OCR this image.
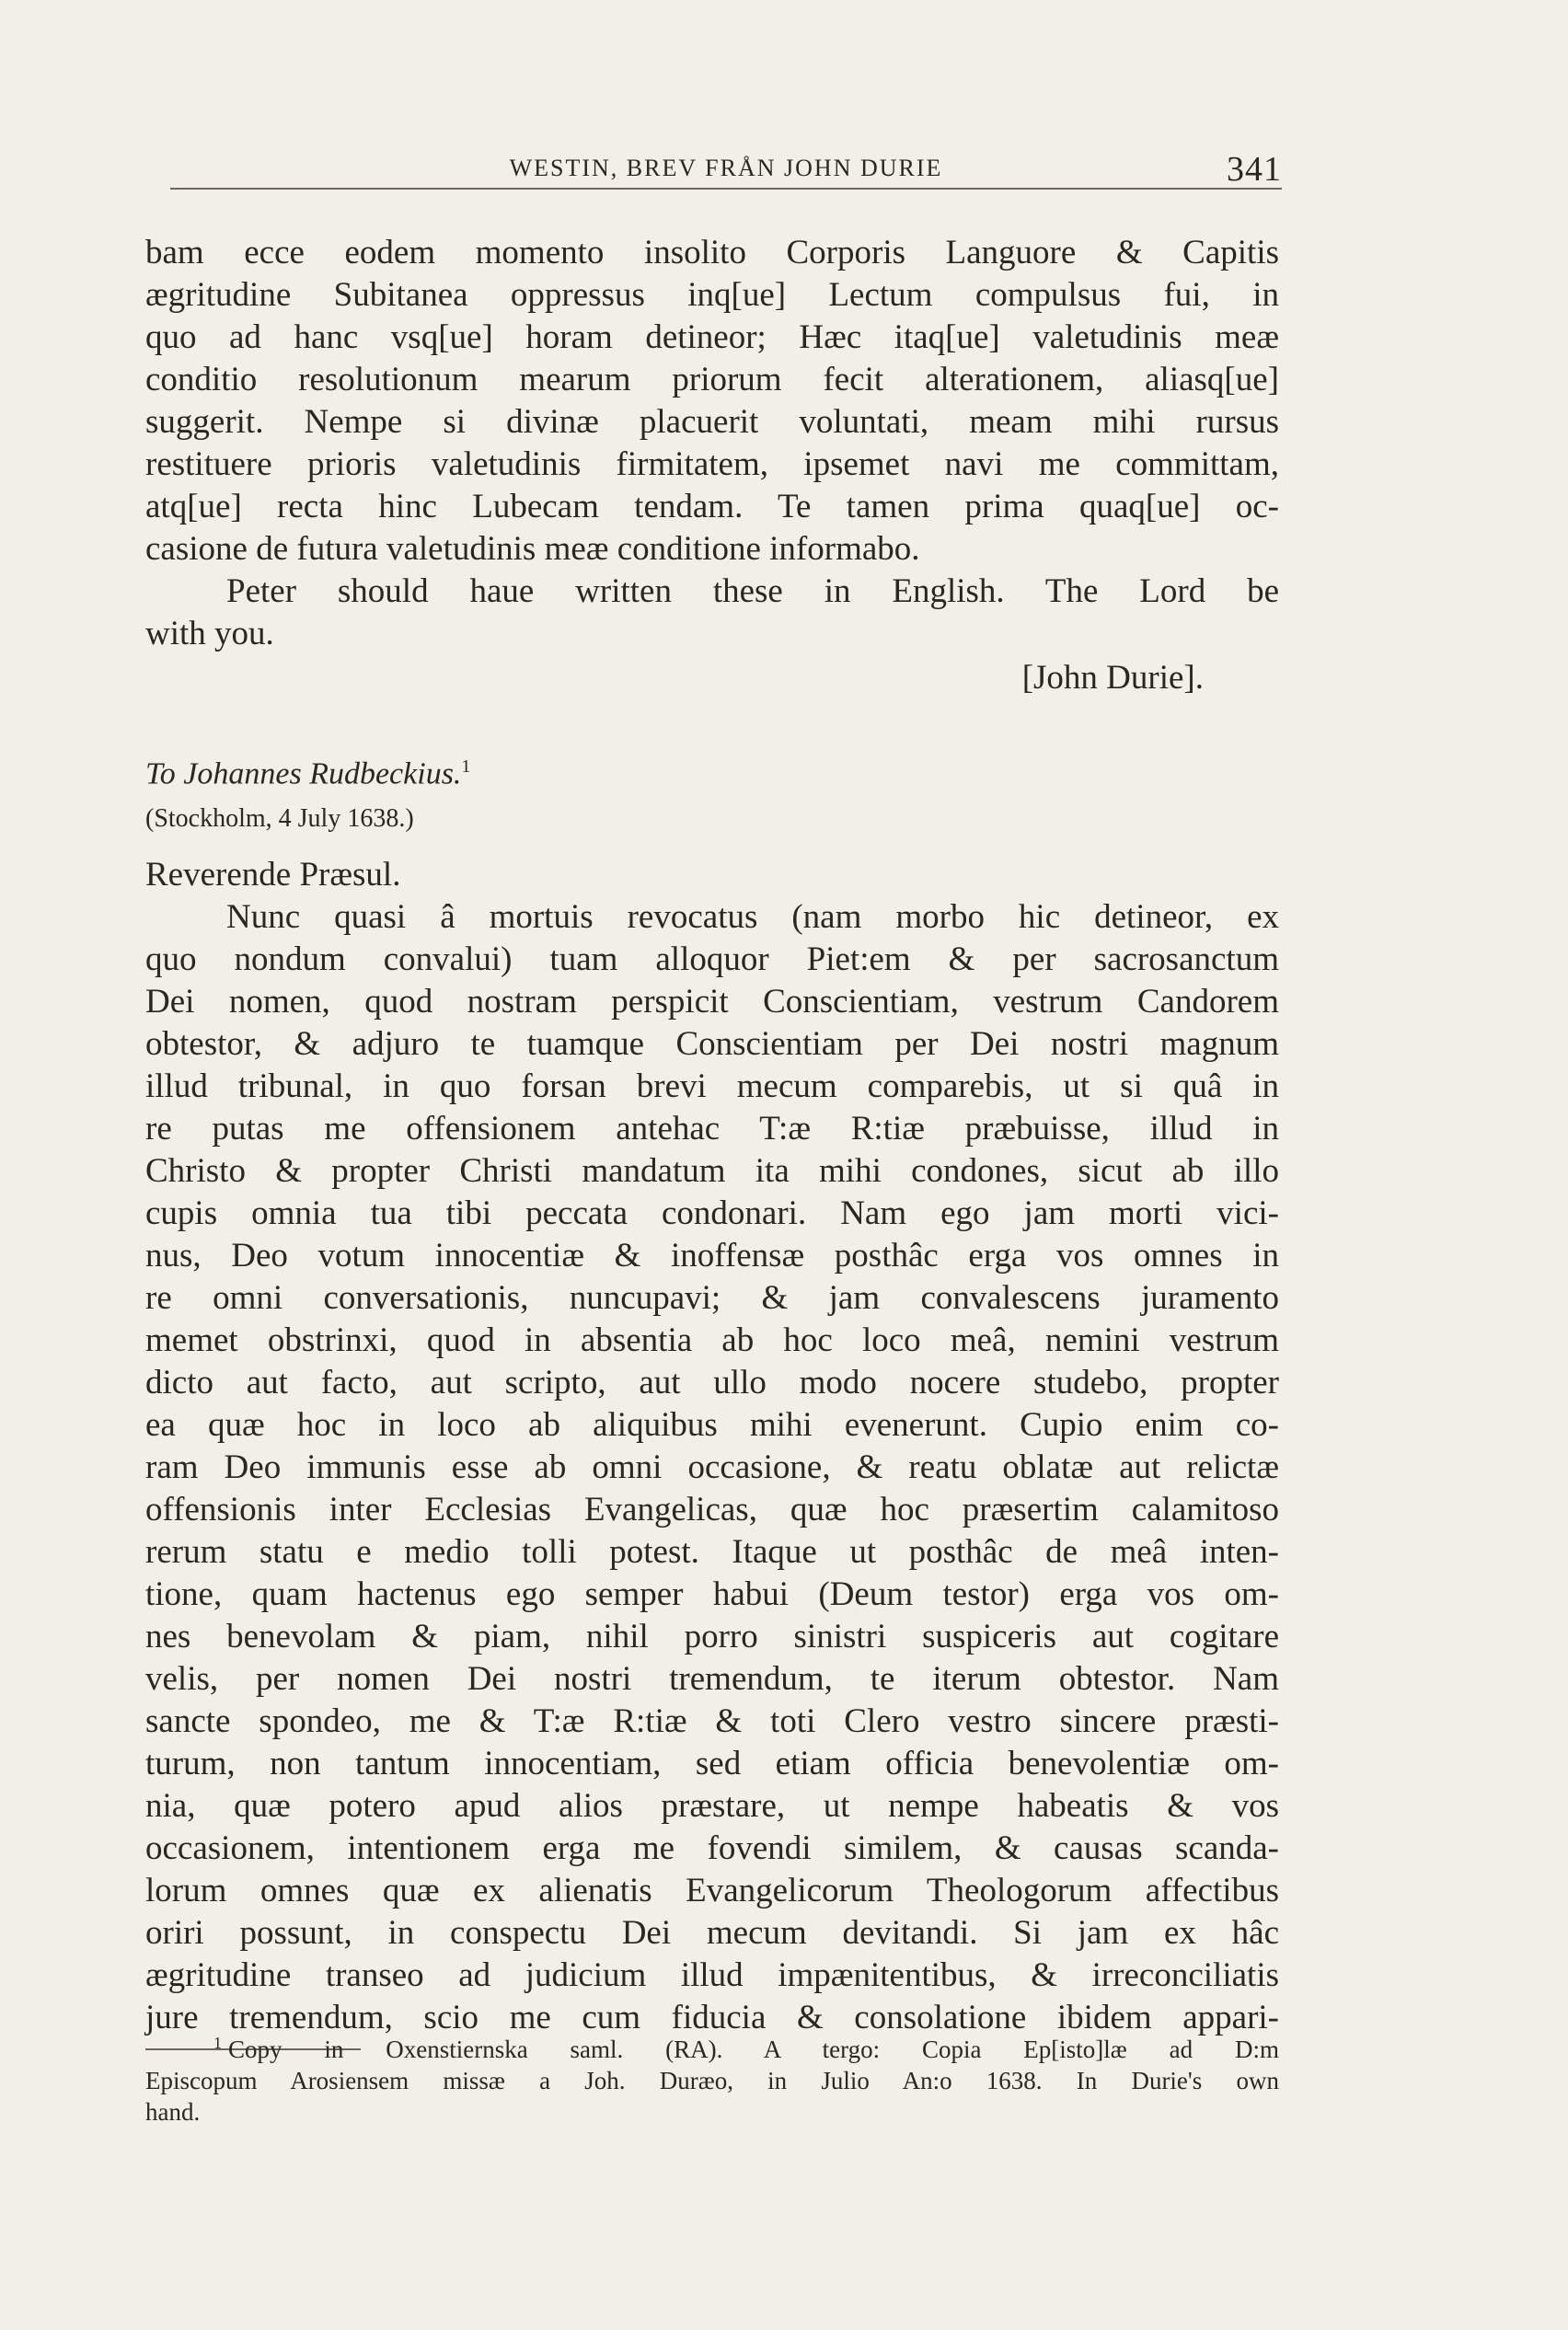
WESTIN, BREV FRÅN JOHN DURIE	341
bam ecce eodem momento insolito Corporis Languore & Capitis
ægritudine Subitanea oppressus inq[ue] Lectum compulsus fui, in
quo ad hanc vsq[ue] horam detineor; Hæc itaq[ue] valetudinis meæ
conditio resolutionum mearum priorum fecit alterationem, aliasq[ue]
suggerit. Nempe si divinæ placuerit voluntati, meam mihi rursus
restituere prioris valetudinis firmitatem, ipsemet navi me committam,
atq[ue] recta hinc Lubecam tendam. Te tamen prima quaq[ue] oc-
casione de futura valetudinis meæ conditione informabo.
Peter should haue written these in English. The Lord be
with you.
[John Durie].
To Johannes Rudbeckius.$^1$
(Stockholm, 4 July 1638.)
Reverende Præsul.
Nunc quasi â mortuis revocatus (nam morbo hic detineor, ex
quo nondum convalui) tuam alloquor Piet:em & per sacrosanctum
Dei nomen, quod nostram perspicit Conscientiam, vestrum Candorem
obtestor, & adjuro te tuamque Conscientiam per Dei nostri magnum
illud tribunal, in quo forsan brevi mecum comparebis, ut si quâ in
re putas me offensionem antehac T:æ R:tiæ præbuisse, illud in
Christo & propter Christi mandatum ita mihi condones, sicut ab illo
cupis omnia tua tibi peccata condonari. Nam ego jam morti vici-
nus, Deo votum innocentiæ & inoffensæ posthâc erga vos omnes in
re omni conversationis, nuncupavi; & jam convalescens juramento
memet obstrinxi, quod in absentia ab hoc loco meâ, nemini vestrum
dicto aut facto, aut scripto, aut ullo modo nocere studebo, propter
ea quæ hoc in loco ab aliquibus mihi evenerunt. Cupio enim co-
ram Deo immunis esse ab omni occasione, & reatu oblatæ aut relictæ
offensionis inter Ecclesias Evangelicas, quæ hoc præsertim calamitoso
rerum statu e medio tolli potest. Itaque ut posthâc de meâ inten-
tione, quam hactenus ego semper habui (Deum testor) erga vos om-
nes benevolam & piam, nihil porro sinistri suspiceris aut cogitare
velis, per nomen Dei nostri tremendum, te iterum obtestor. Nam
sancte spondeo, me & T:æ R:tiæ & toti Clero vestro sincere præsti-
turum, non tantum innocentiam, sed etiam officia benevolentiæ om-
nia, quæ potero apud alios præstare, ut nempe habeatis & vos
occasionem, intentionem erga me fovendi similem, & causas scanda-
lorum omnes quæ ex alienatis Evangelicorum Theologorum affectibus
oriri possunt, in conspectu Dei mecum devitandi. Si jam ex hâc
ægritudine transeo ad judicium illud impænitentibus, & irreconciliatis
jure tremendum, scio me cum fiducia & consolatione ibidem appari-
1 Copy in Oxenstiernska saml. (RA). A tergo: Copia Ep[isto]læ ad D:m
Episcopum Arosiensem missæ a Joh. Duræo, in Julio An:o 1638. In Durie's own
hand.
